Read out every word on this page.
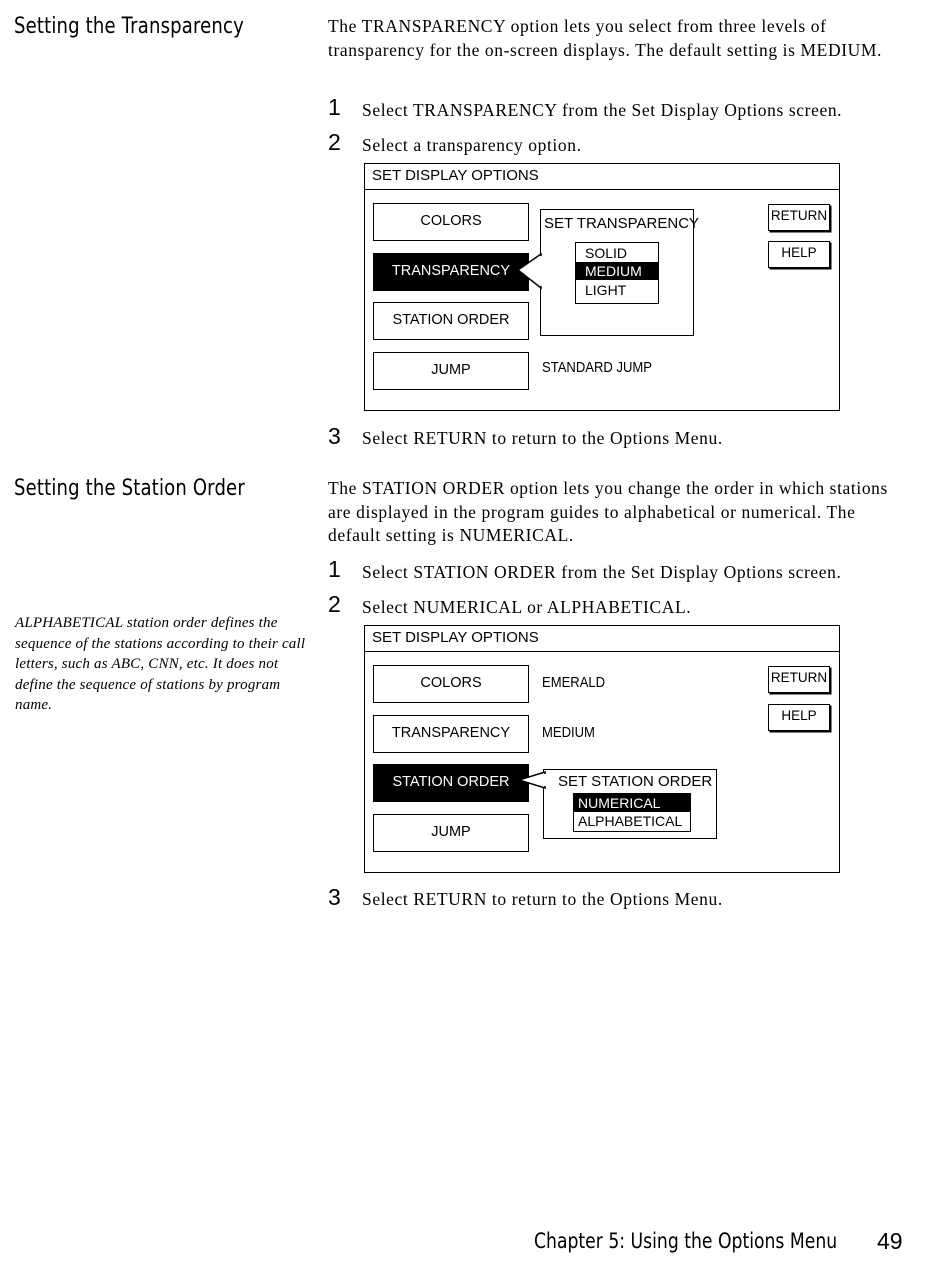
Setting the Transparency	The TRANSPARENCY option lets you select from three levels of transparency for the on-screen displays. The default setting is MEDIUM.
1 Select TRANSPARENCY from the Set Display Options screen.
2 Select a transparency option.
SET DISPLAY OPTIONS
COLORS
TRANSPARENCY
STATION ORDER
JUMP	STANDARD JUMP
RETURN
HELP
SET TRANSPARENCY
SOLID
MEDIUM
LIGHT
3 Select RETURN to return to the Options Menu.
Setting the Station Order	The STATION ORDER option lets you change the order in which stations are displayed in the program guides to alphabetical or numerical. The default setting is NUMERICAL.
ALPHABETICAL station order defines the sequence of the stations according to their call letters, such as ABC, CNN, etc. It does not define the sequence of stations by program name.
1 Select STATION ORDER from the Set Display Options screen.
2 Select NUMERICAL or ALPHABETICAL.
SET DISPLAY OPTIONS
COLORS
TRANSPARENCY
STATION ORDER
JUMP
EMERALD
MEDIUM
RETURN
HELP
SET STATION ORDER
NUMERICAL
ALPHABETICAL
3 Select RETURN to return to the Options Menu.
Chapter 5: Using the Options Menu 49
